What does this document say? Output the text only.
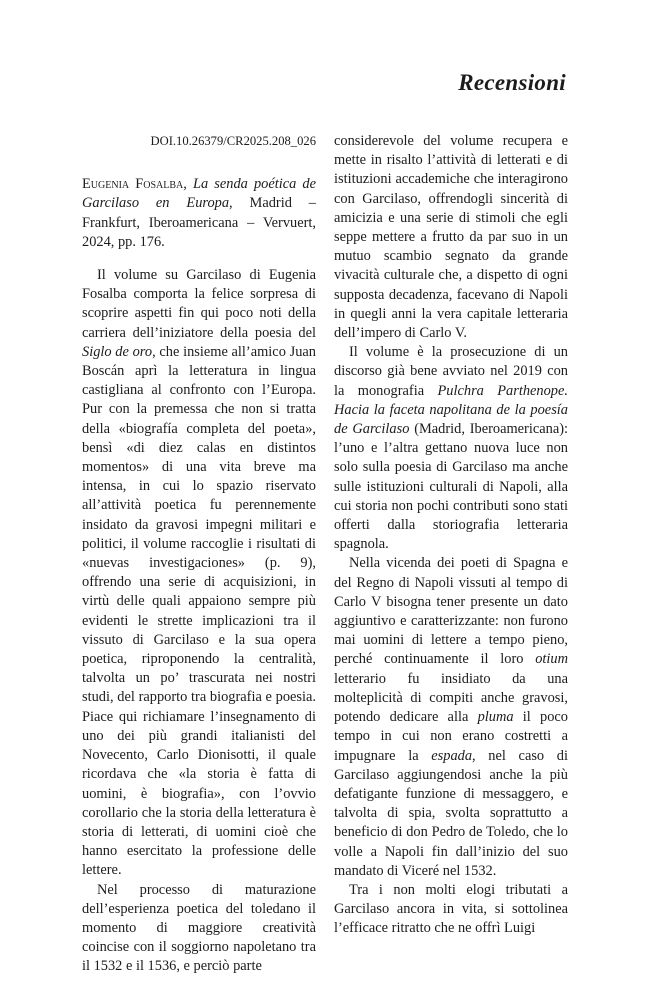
Recensioni
DOI.10.26379/CR2025.208_026
Eugenia Fosalba, La senda poética de Garcilaso en Europa, Madrid – Frankfurt, Iberoamericana – Vervuert, 2024, pp. 176.

Il volume su Garcilaso di Eugenia Fosalba comporta la felice sorpresa di scoprire aspetti fin qui poco noti della carriera dell’iniziatore della poesia del Siglo de oro, che insieme all’amico Juan Boscán aprì la letteratura in lingua castigliana al confronto con l’Europa. Pur con la premessa che non si tratta della «biografía completa del poeta», bensì «di diez calas en distintos momentos» di una vita breve ma intensa, in cui lo spazio riservato all’attività poetica fu perennemente insidato da gravosi impegni militari e politici, il volume raccoglie i risultati di «nuevas investigaciones» (p. 9), offrendo una serie di acquisizioni, in virtù delle quali appaiono sempre più evidenti le strette implicazioni tra il vissuto di Garcilaso e la sua opera poetica, riproponendo la centralità, talvolta un po’ trascurata nei nostri studi, del rapporto tra biografia e poesia. Piace qui richiamare l’insegnamento di uno dei più grandi italianisti del Novecento, Carlo Dionisotti, il quale ricordava che «la storia è fatta di uomini, è biografia», con l’ovvio corollario che la storia della letteratura è storia di letterati, di uomini cioè che hanno esercitato la professione delle lettere.

Nel processo di maturazione dell’esperienza poetica del toledano il momento di maggiore creatività coincise con il soggiorno napoletano tra il 1532 e il 1536, e perciò parte

considerevole del volume recupera e mette in risalto l’attività di letterati e di istituzioni accademiche che interagirono con Garcilaso, offrendogli sincerità di amicizia e una serie di stimoli che egli seppe mettere a frutto da par suo in un mutuo scambio segnato da grande vivacità culturale che, a dispetto di ogni supposta decadenza, facevano di Napoli in quegli anni la vera capitale letteraria dell’impero di Carlo V.

Il volume è la prosecuzione di un discorso già bene avviato nel 2019 con la monografia Pulchra Parthenope. Hacia la faceta napolitana de la poesía de Garcilaso (Madrid, Iberoamericana): l’uno e l’altra gettano nuova luce non solo sulla poesia di Garcilaso ma anche sulle istituzioni culturali di Napoli, alla cui storia non pochi contributi sono stati offerti dalla storiografia letteraria spagnola.

Nella vicenda dei poeti di Spagna e del Regno di Napoli vissuti al tempo di Carlo V bisogna tener presente un dato aggiuntivo e caratterizzante: non furono mai uomini di lettere a tempo pieno, perché continuamente il loro otium letterario fu insidiato da una molteplicità di compiti anche gravosi, potendo dedicare alla pluma il poco tempo in cui non erano costretti a impugnare la espada, nel caso di Garcilaso aggiungendosi anche la più defatigante funzione di messaggero, e talvolta di spia, svolta soprattutto a beneficio di don Pedro de Toledo, che lo volle a Napoli fin dall’inizio del suo mandato di Viceré nel 1532.

Tra i non molti elogi tributati a Garcilaso ancora in vita, si sottolinea l’efficace ritratto che ne offrì Luigi
